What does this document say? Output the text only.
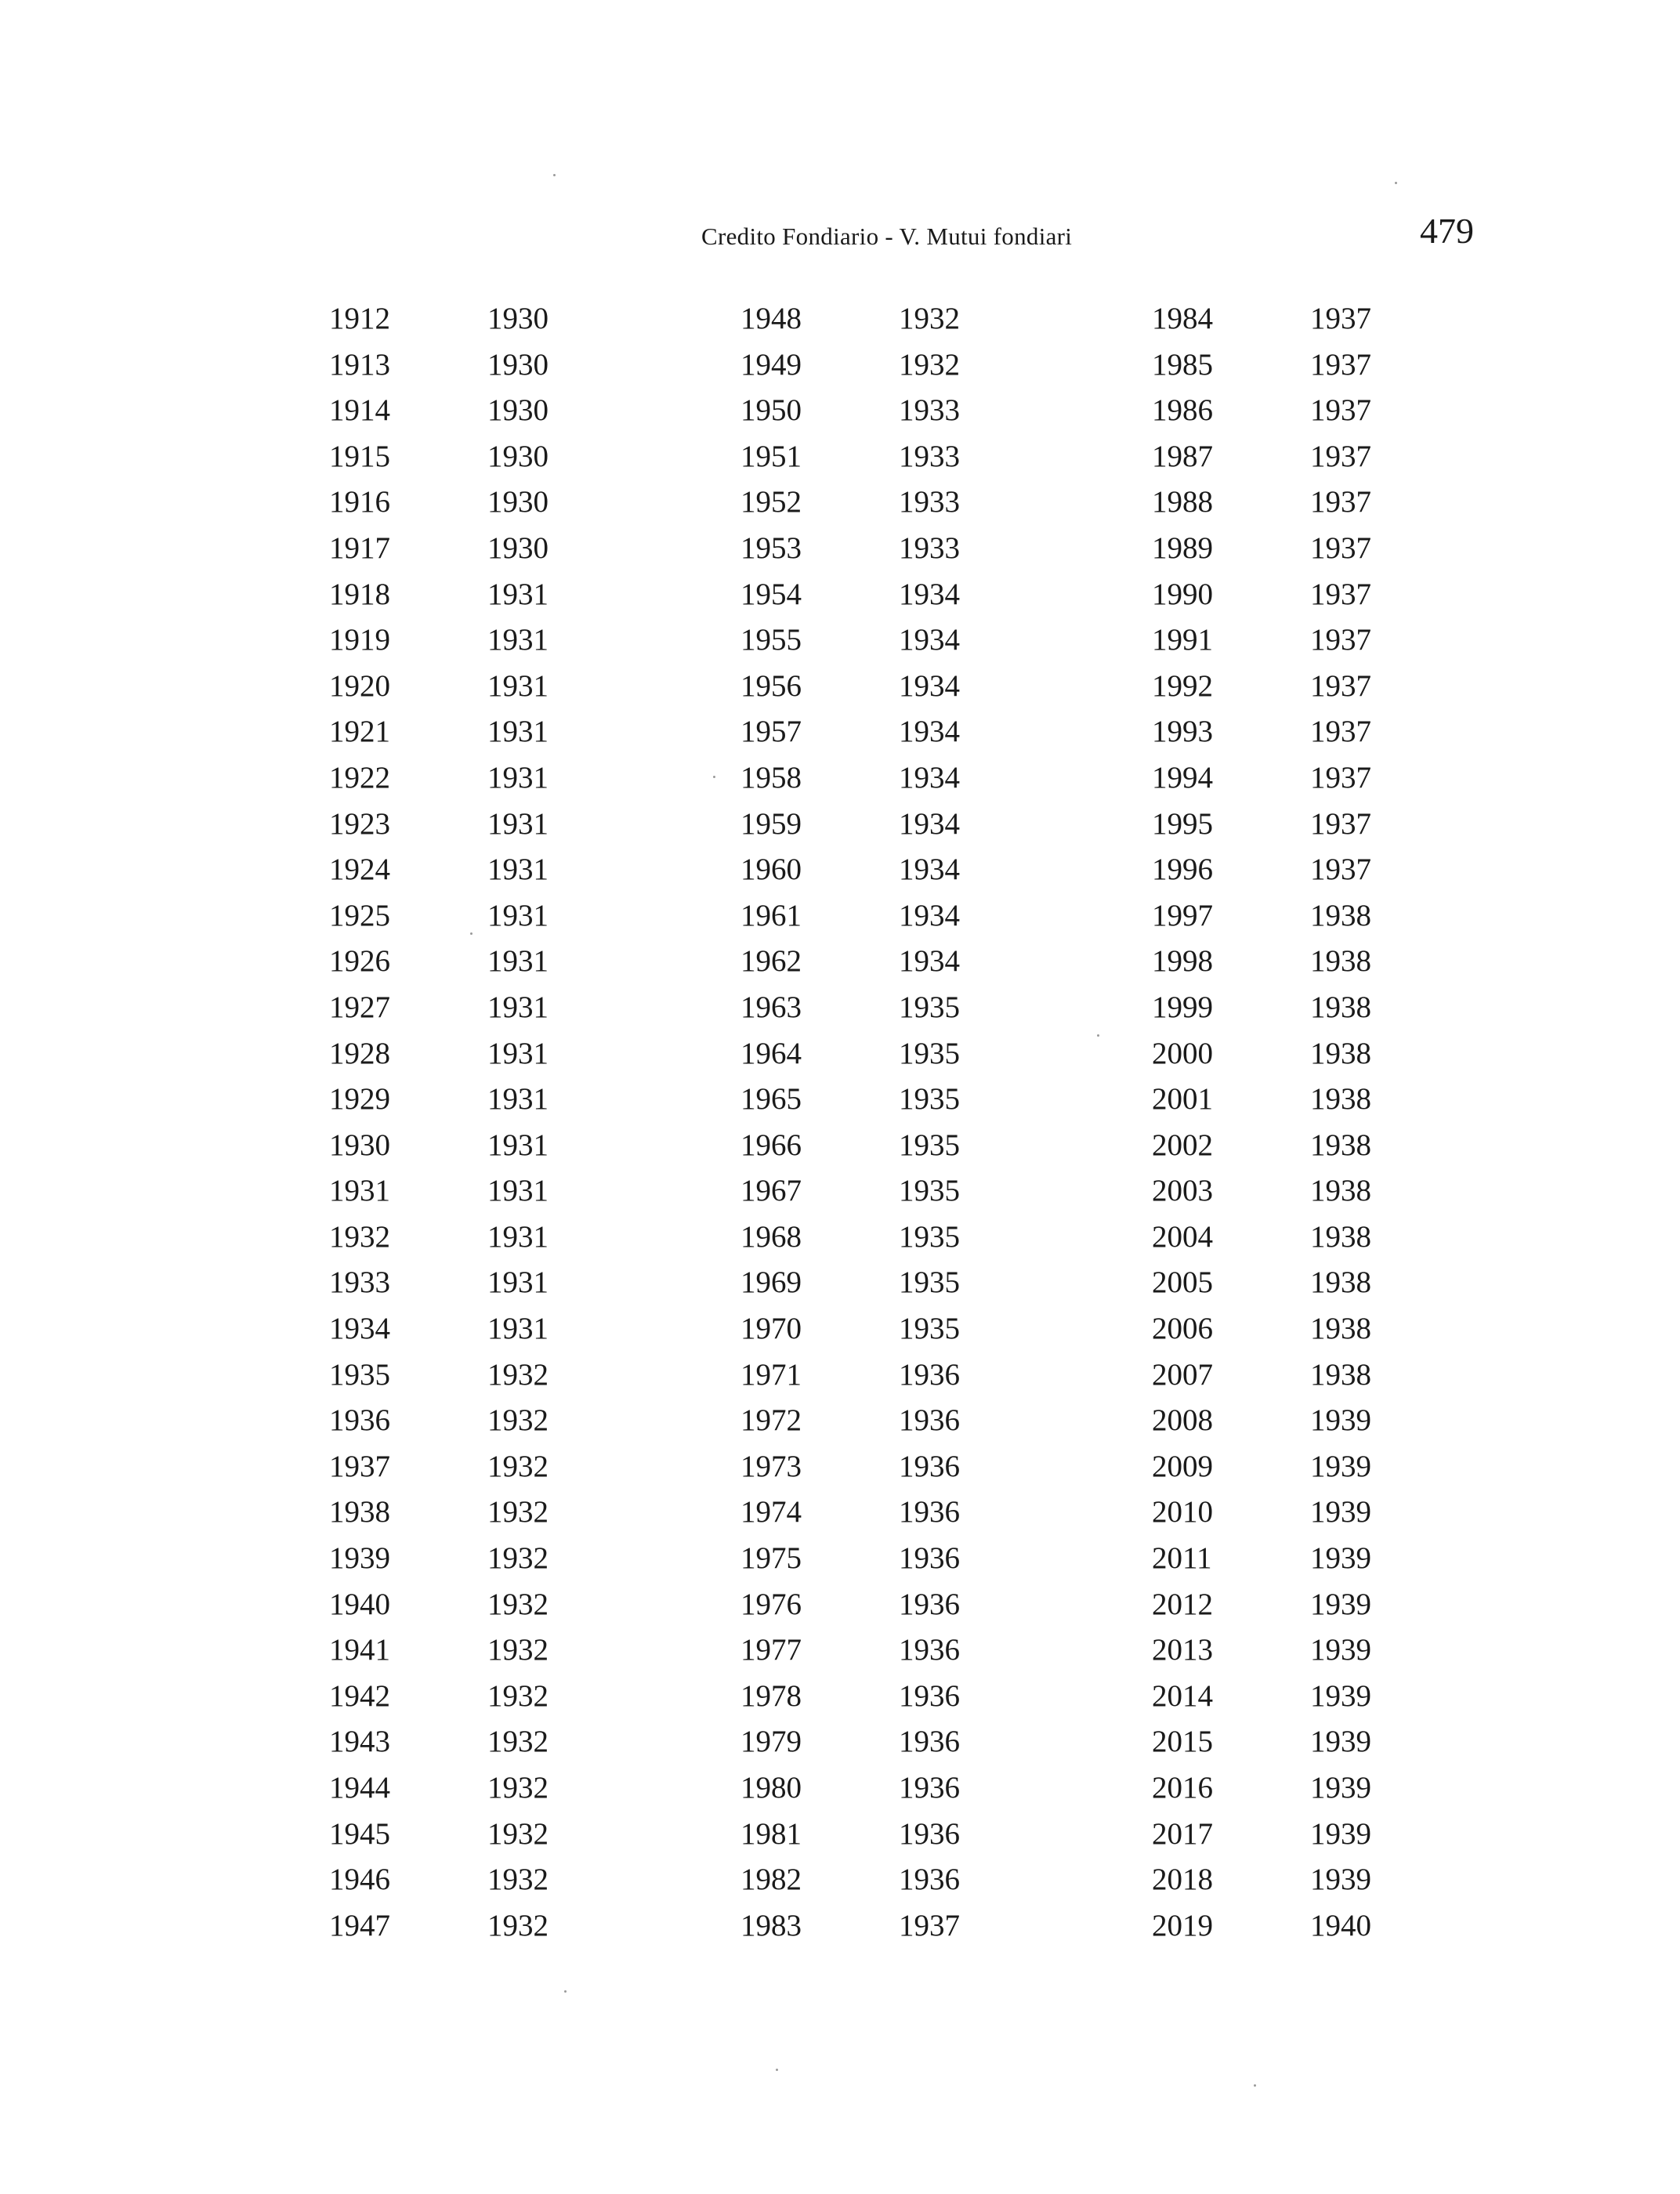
Credito Fondiario - V. Mutui fondiari	479
1912
1913
1914
1915
1916
1917
1918
1919
1920
1921
1922
1923
1924
1925
1926
1927
1928
1929
1930
1931
1932
1933
1934
1935
1936
1937
1938
1939
1940
1941
1942
1943
1944
1945
1946
1947
1930
1930
1930
1930
1930
1930
1931
1931
1931
1931
1931
1931
1931
1931
1931
1931
1931
1931
1931
1931
1931
1931
1931
1932
1932
1932
1932
1932
1932
1932
1932
1932
1932
1932
1932
1932
1948
1949
1950
1951
1952
1953
1954
1955
1956
1957
1958
1959
1960
1961
1962
1963
1964
1965
1966
1967
1968
1969
1970
1971
1972
1973
1974
1975
1976
1977
1978
1979
1980
1981
1982
1983
1932
1932
1933
1933
1933
1933
1934
1934
1934
1934
1934
1934
1934
1934
1934
1935
1935
1935
1935
1935
1935
1935
1935
1936
1936
1936
1936
1936
1936
1936
1936
1936
1936
1936
1936
1937
1984
1985
1986
1987
1988
1989
1990
1991
1992
1993
1994
1995
1996
1997
1998
1999
2000
2001
2002
2003
2004
2005
2006
2007
2008
2009
2010
2011
2012
2013
2014
2015
2016
2017
2018
2019
1937
1937
1937
1937
1937
1937
1937
1937
1937
1937
1937
1937
1937
1938
1938
1938
1938
1938
1938
1938
1938
1938
1938
1938
1939
1939
1939
1939
1939
1939
1939
1939
1939
1939
1939
1940
